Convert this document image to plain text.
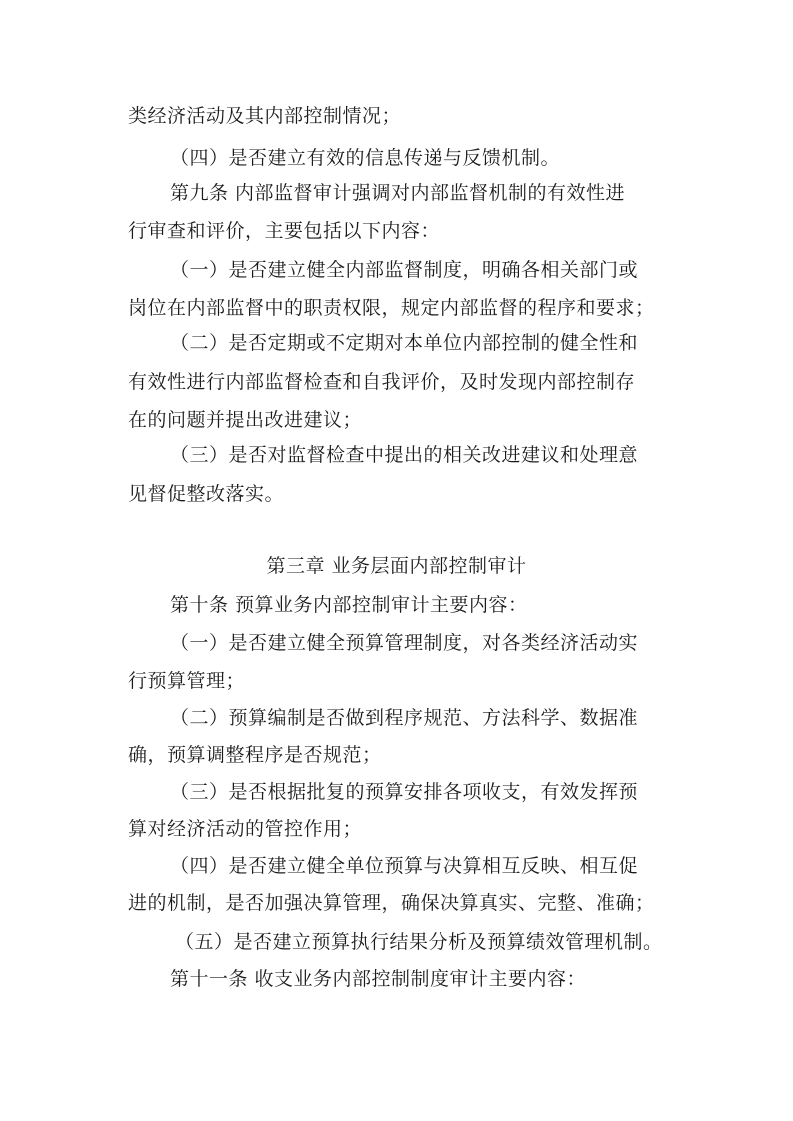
类经济活动及其内部控制情况；
（四）是否建立有效的信息传递与反馈机制。
第九条 内部监督审计强调对内部监督机制的有效性进
行审查和评价，主要包括以下内容：
（一）是否建立健全内部监督制度，明确各相关部门或
岗位在内部监督中的职责权限，规定内部监督的程序和要求；
（二）是否定期或不定期对本单位内部控制的健全性和
有效性进行内部监督检查和自我评价，及时发现内部控制存
在的问题并提出改进建议；
（三）是否对监督检查中提出的相关改进建议和处理意
见督促整改落实。
第三章 业务层面内部控制审计
第十条 预算业务内部控制审计主要内容：
（一）是否建立健全预算管理制度，对各类经济活动实
行预算管理；
（二）预算编制是否做到程序规范、方法科学、数据准
确，预算调整程序是否规范；
（三）是否根据批复的预算安排各项收支，有效发挥预
算对经济活动的管控作用；
（四）是否建立健全单位预算与决算相互反映、相互促
进的机制，是否加强决算管理，确保决算真实、完整、准确；
（五）是否建立预算执行结果分析及预算绩效管理机制。
第十一条 收支业务内部控制制度审计主要内容：
